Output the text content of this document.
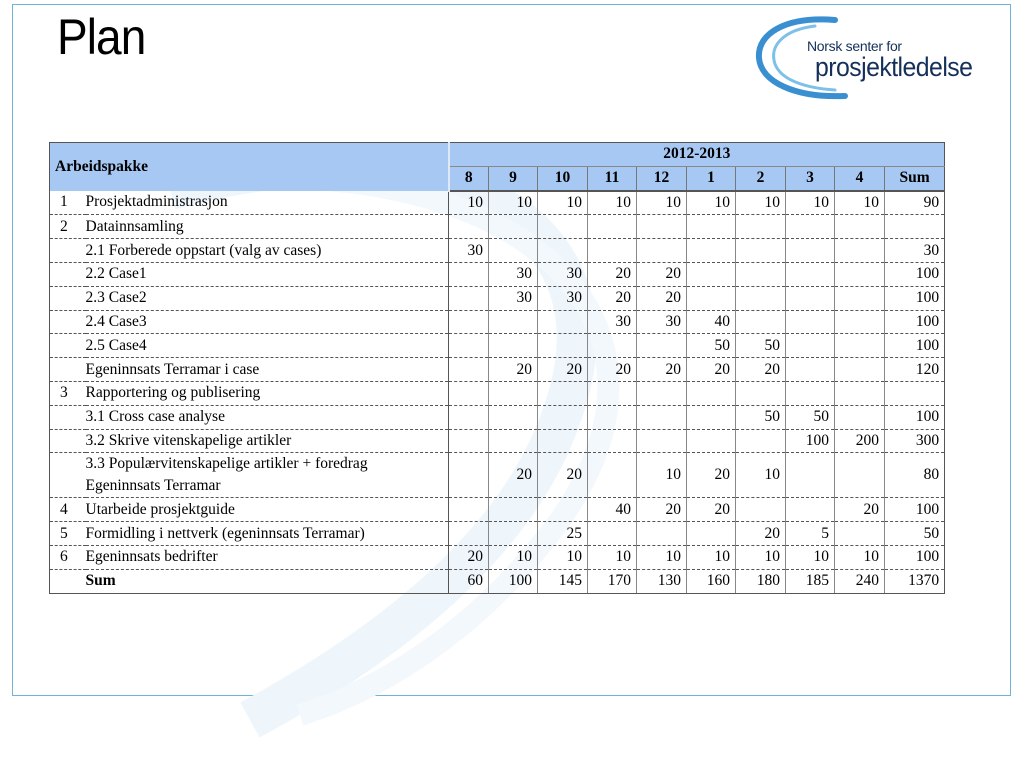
Plan	Norsk senter for
prosjektledelse
Arbeidspakke		2012-2013									
		8	9	10	11	12	1	2	3	4	Sum
1	Prosjektadministrasjon	10	10	10	10	10	10	10	10	10	90
2	Datainnsamling										
	2.1 Forberede oppstart (valg av cases)	30									30
	2.2 Case1		30	30	20	20					100
	2.3 Case2		30	30	20	20					100
	2.4 Case3				30	30	40				100
	2.5 Case4						50	50			100
	Egeninnsats Terramar i case		20	20	20	20	20	20			120
3	Rapportering og publisering										
	3.1 Cross case analyse							50	50		100
	3.2 Skrive vitenskapelige artikler								100	200	300
	3.3 Populærvitenskapelige artikler + foredrag Egeninnsats Terramar		20	20		10	20	10			80
4	Utarbeide prosjektguide				40	20	20			20	100
5	Formidling i nettverk (egeninnsats Terramar)			25				20	5		50
6	Egeninnsats bedrifter	20	10	10	10	10	10	10	10	10	100
	Sum	60	100	145	170	130	160	180	185	240	1370
